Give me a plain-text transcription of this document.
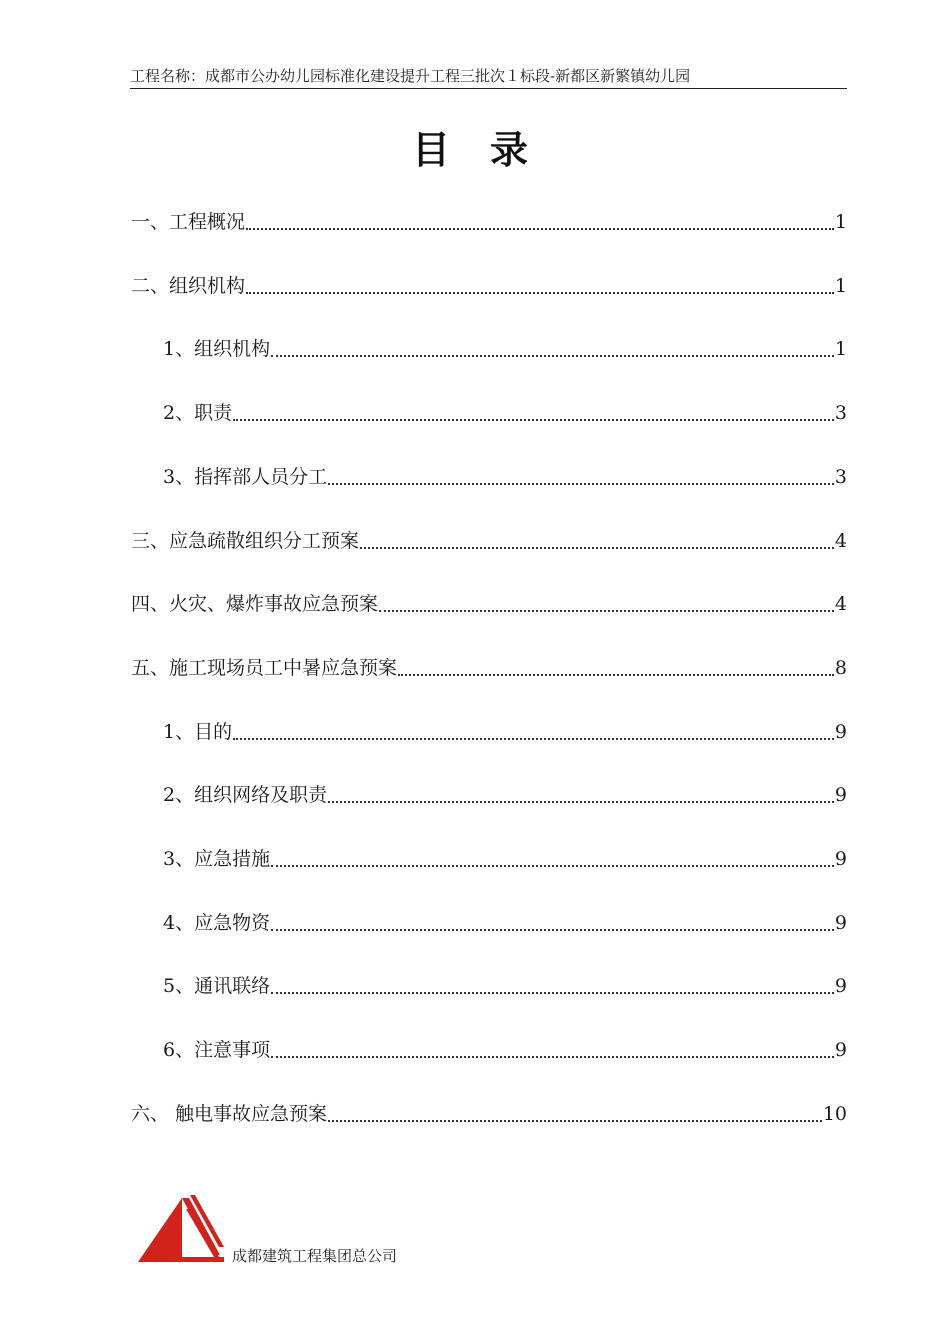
工程名称：成都市公办幼儿园标准化建设提升工程三批次１标段-新都区新繁镇幼儿园
目录
一、工程概况	1
二、组织机构	1
1、组织机构	1
2、职责	3
3、指挥部人员分工	3
三、应急疏散组织分工预案	4
四、火灾、爆炸事故应急预案	4
五、施工现场员工中暑应急预案	8
1、目的	9
2、组织网络及职责	9
3、应急措施	9
4、应急物资	9
5、通讯联络	9
6、注意事项	9
六、 触电事故应急预案	10
成都建筑工程集团总公司
